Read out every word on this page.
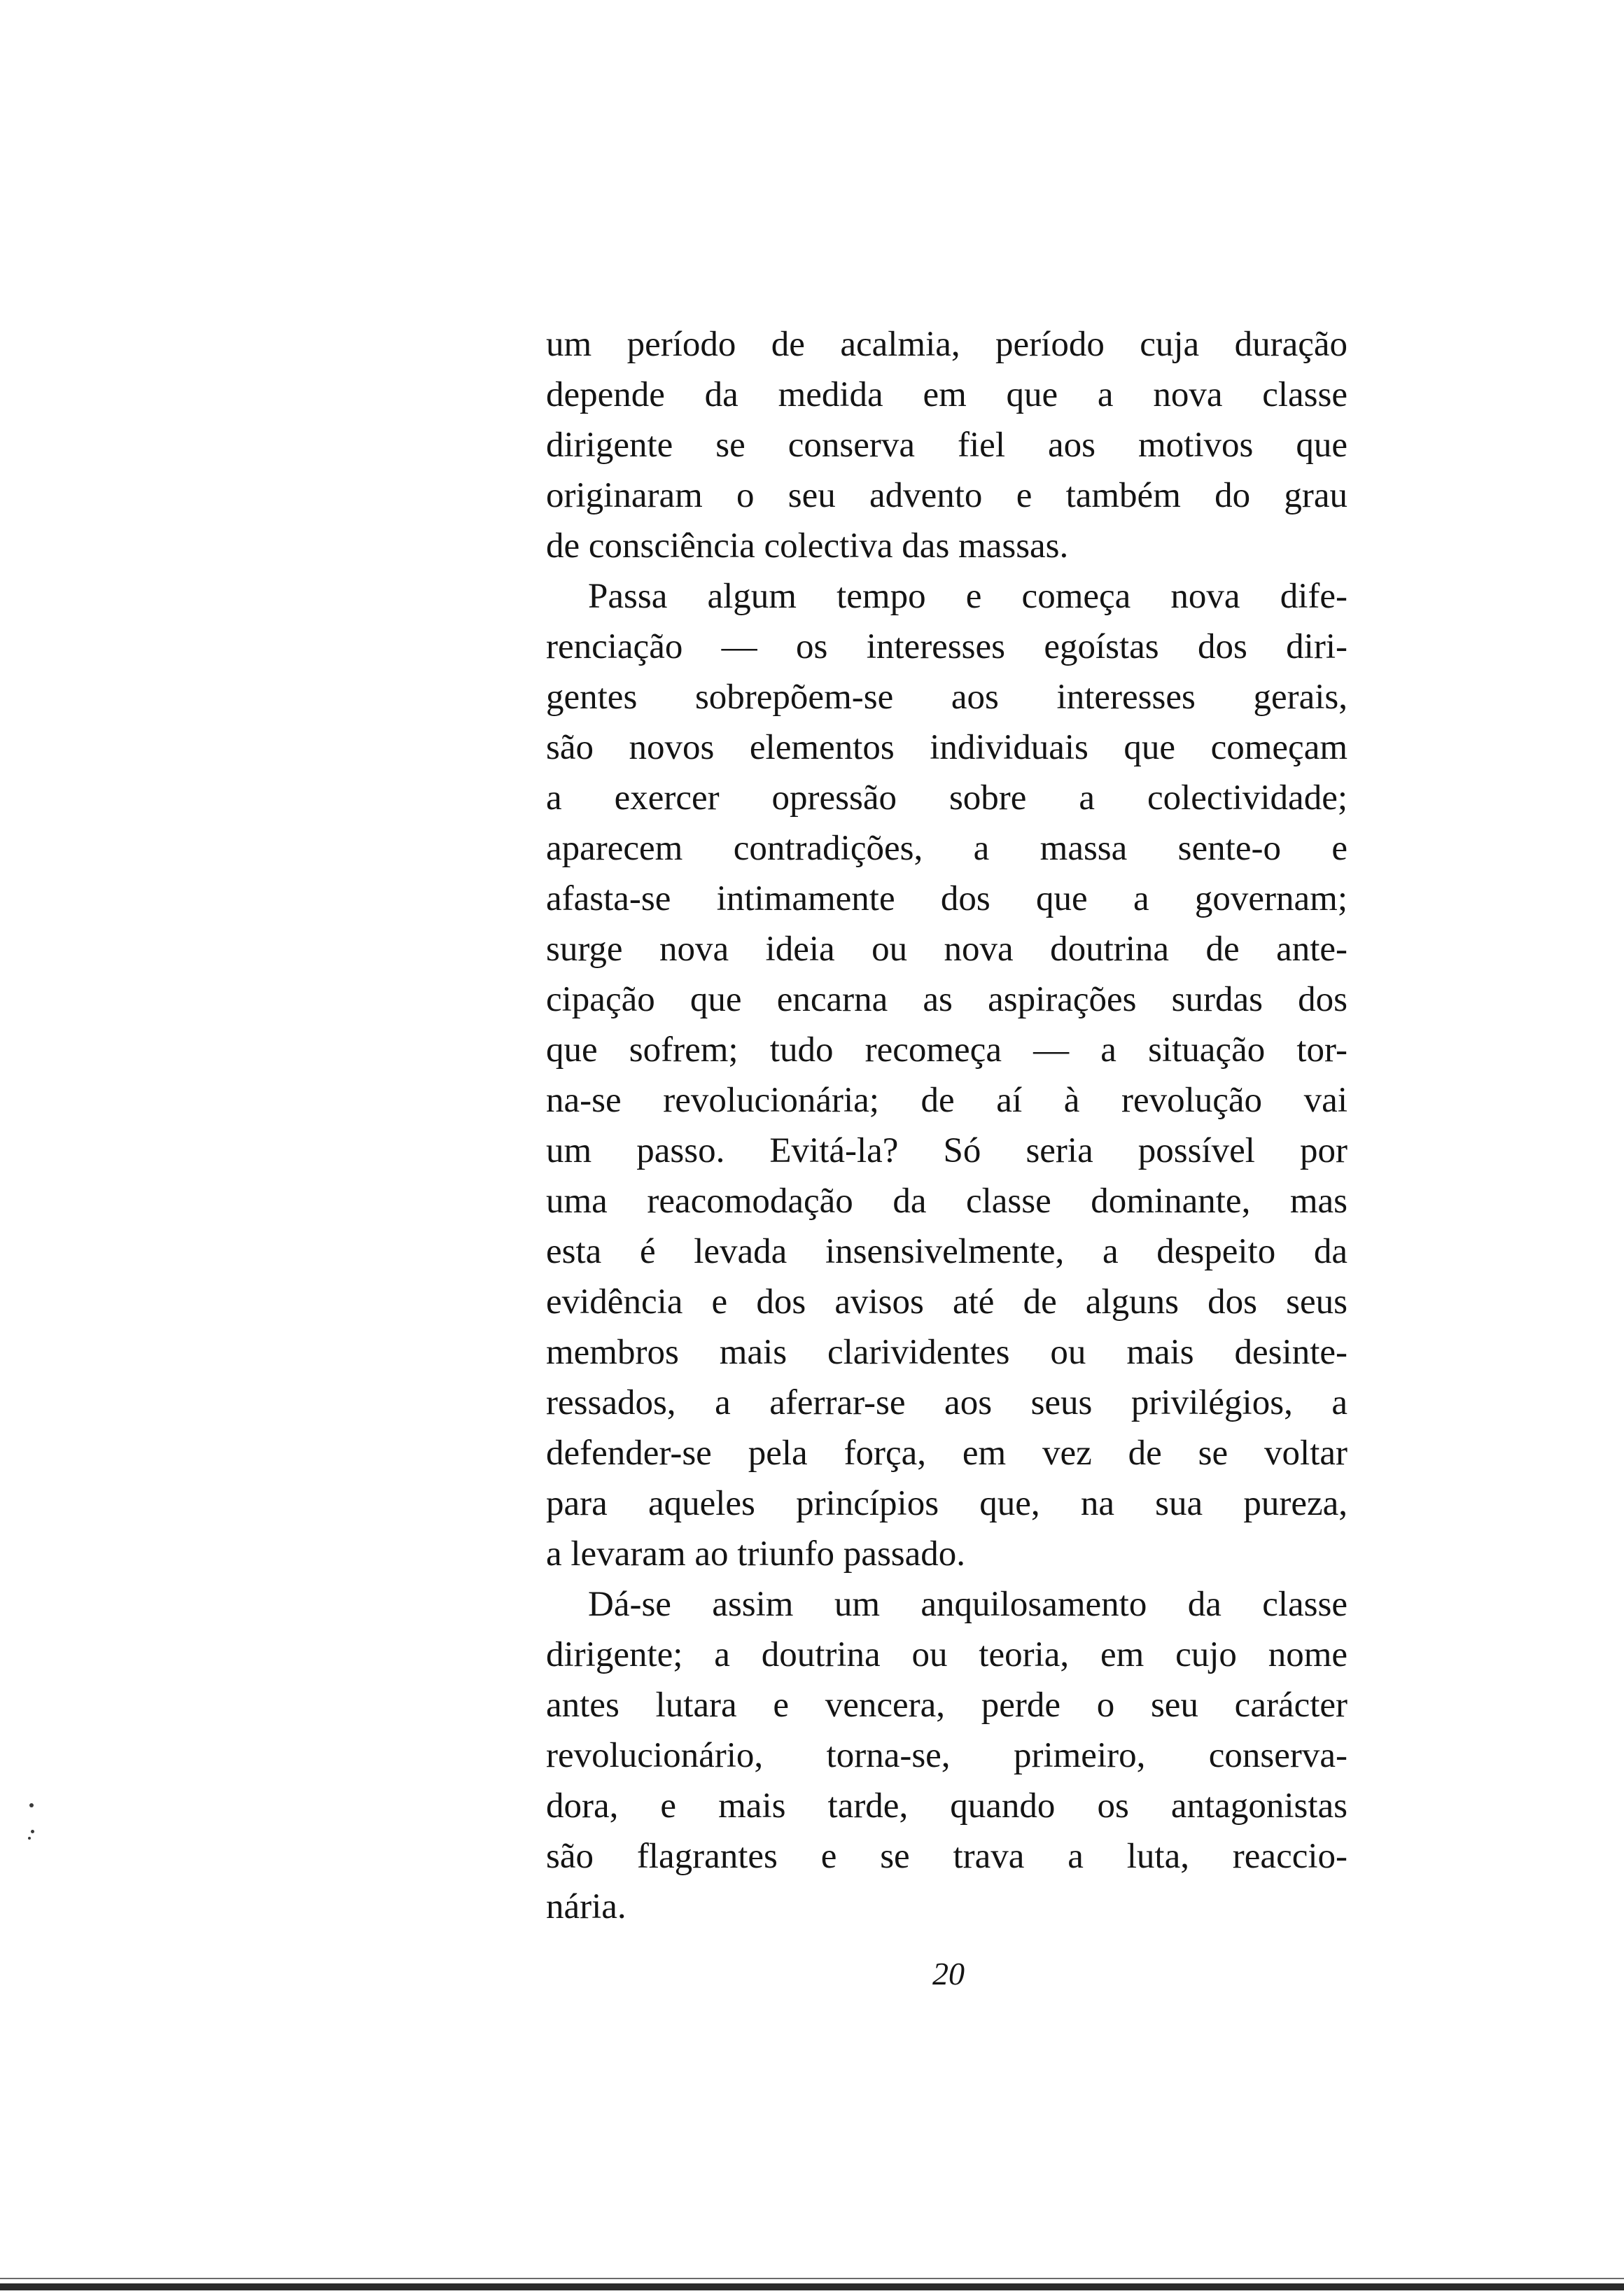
um período de acalmia, período cuja duração
depende da medida em que a nova classe
dirigente se conserva fiel aos motivos que
originaram o seu advento e também do grau
de consciência colectiva das massas.
Passa algum tempo e começa nova dife-
renciação — os interesses egoístas dos diri-
gentes sobrepõem-se aos interesses gerais,
são novos elementos individuais que começam
a exercer opressão sobre a colectividade;
aparecem contradições, a massa sente-o e
afasta-se intimamente dos que a governam;
surge nova ideia ou nova doutrina de ante-
cipação que encarna as aspirações surdas dos
que sofrem; tudo recomeça — a situação tor-
na-se revolucionária; de aí à revolução vai
um passo. Evitá-la? Só seria possível por
uma reacomodação da classe dominante, mas
esta é levada insensivelmente, a despeito da
evidência e dos avisos até de alguns dos seus
membros mais clarividentes ou mais desinte-
ressados, a aferrar-se aos seus privilégios, a
defender-se pela força, em vez de se voltar
para aqueles princípios que, na sua pureza,
a levaram ao triunfo passado.
Dá-se assim um anquilosamento da classe
dirigente; a doutrina ou teoria, em cujo nome
antes lutara e vencera, perde o seu carácter
revolucionário, torna-se, primeiro, conserva-
dora, e mais tarde, quando os antagonistas
são flagrantes e se trava a luta, reaccio-
nária.
20
